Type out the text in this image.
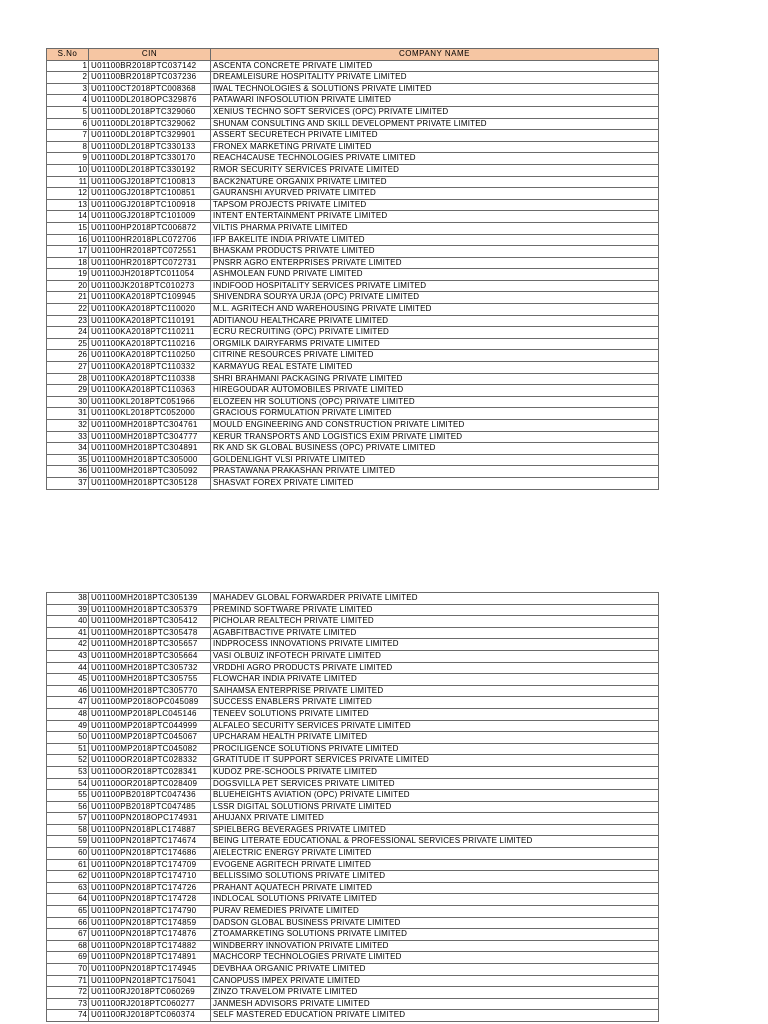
S.No	CIN	COMPANY NAME
1	U01100BR2018PTC037142	ASCENTA CONCRETE PRIVATE LIMITED
2	U01100BR2018PTC037236	DREAMLEISURE HOSPITALITY PRIVATE LIMITED
3	U01100CT2018PTC008368	IWAL TECHNOLOGIES & SOLUTIONS PRIVATE LIMITED
4	U01100DL2018OPC329876	PATAWARI INFOSOLUTION PRIVATE LIMITED
5	U01100DL2018PTC329060	XENIUS TECHNO SOFT SERVICES (OPC) PRIVATE LIMITED
6	U01100DL2018PTC329062	SHUNAM CONSULTING AND SKILL DEVELOPMENT PRIVATE LIMITED
7	U01100DL2018PTC329901	ASSERT SECURETECH PRIVATE LIMITED
8	U01100DL2018PTC330133	FRONEX MARKETING PRIVATE LIMITED
9	U01100DL2018PTC330170	REACH4CAUSE TECHNOLOGIES PRIVATE LIMITED
10	U01100DL2018PTC330192	RMOR SECURITY SERVICES PRIVATE LIMITED
11	U01100GJ2018PTC100813	BACK2NATURE ORGANIX PRIVATE LIMITED
12	U01100GJ2018PTC100851	GAURANSHI AYURVED PRIVATE LIMITED
13	U01100GJ2018PTC100918	TAPSOM PROJECTS PRIVATE LIMITED
14	U01100GJ2018PTC101009	INTENT ENTERTAINMENT PRIVATE LIMITED
15	U01100HP2018PTC006872	VILTIS PHARMA PRIVATE LIMITED
16	U01100HR2018PLC072706	IFP BAKELITE INDIA PRIVATE LIMITED
17	U01100HR2018PTC072551	BHASKAM PRODUCTS PRIVATE LIMITED
18	U01100HR2018PTC072731	PNSRR AGRO ENTERPRISES PRIVATE LIMITED
19	U01100JH2018PTC011054	ASHMOLEAN FUND PRIVATE LIMITED
20	U01100JK2018PTC010273	INDIFOOD HOSPITALITY SERVICES PRIVATE LIMITED
21	U01100KA2018PTC109945	SHIVENDRA SOURYA URJA (OPC) PRIVATE LIMITED
22	U01100KA2018PTC110020	M.L. AGRITECH AND WAREHOUSING PRIVATE LIMITED
23	U01100KA2018PTC110191	ADITIANOU HEALTHCARE PRIVATE LIMITED
24	U01100KA2018PTC110211	ECRU RECRUITING (OPC) PRIVATE LIMITED
25	U01100KA2018PTC110216	ORGMILK DAIRYFARMS PRIVATE LIMITED
26	U01100KA2018PTC110250	CITRINE RESOURCES PRIVATE LIMITED
27	U01100KA2018PTC110332	KARMAYUG REAL ESTATE LIMITED
28	U01100KA2018PTC110338	SHRI BRAHMANI PACKAGING PRIVATE LIMITED
29	U01100KA2018PTC110363	HIREGOUDAR AUTOMOBILES PRIVATE LIMITED
30	U01100KL2018PTC051966	ELOZEEN HR SOLUTIONS (OPC) PRIVATE LIMITED
31	U01100KL2018PTC052000	GRACIOUS FORMULATION PRIVATE LIMITED
32	U01100MH2018PTC304761	MOULD ENGINEERING AND CONSTRUCTION PRIVATE LIMITED
33	U01100MH2018PTC304777	KERUR TRANSPORTS AND LOGISTICS EXIM PRIVATE LIMITED
34	U01100MH2018PTC304891	RK AND SK GLOBAL BUSINESS (OPC) PRIVATE LIMITED
35	U01100MH2018PTC305000	GOLDENLIGHT VLSI PRIVATE LIMITED
36	U01100MH2018PTC305092	PRASTAWANA PRAKASHAN PRIVATE LIMITED
37	U01100MH2018PTC305128	SHASVAT FOREX PRIVATE LIMITED
38	U01100MH2018PTC305139	MAHADEV GLOBAL FORWARDER PRIVATE LIMITED
39	U01100MH2018PTC305379	PREMIND SOFTWARE PRIVATE LIMITED
40	U01100MH2018PTC305412	PICHOLAR REALTECH PRIVATE LIMITED
41	U01100MH2018PTC305478	AGABFITBACTIVE PRIVATE LIMITED
42	U01100MH2018PTC305657	INDPROCESS INNOVATIONS PRIVATE LIMITED
43	U01100MH2018PTC305664	VASI OLBUIZ INFOTECH PRIVATE LIMITED
44	U01100MH2018PTC305732	VRDDHI AGRO PRODUCTS PRIVATE LIMITED
45	U01100MH2018PTC305755	FLOWCHAR INDIA PRIVATE LIMITED
46	U01100MH2018PTC305770	SAIHAMSA ENTERPRISE PRIVATE LIMITED
47	U01100MP2018OPC045089	SUCCESS ENABLERS PRIVATE LIMITED
48	U01100MP2018PLC045146	TENEEV SOLUTIONS PRIVATE LIMITED
49	U01100MP2018PTC044999	ALFALEO SECURITY SERVICES PRIVATE LIMITED
50	U01100MP2018PTC045067	UPCHARAM HEALTH PRIVATE LIMITED
51	U01100MP2018PTC045082	PROCILIGENCE SOLUTIONS PRIVATE LIMITED
52	U01100OR2018PTC028332	GRATITUDE IT SUPPORT SERVICES PRIVATE LIMITED
53	U01100OR2018PTC028341	KUDOZ PRE-SCHOOLS PRIVATE LIMITED
54	U01100OR2018PTC028409	DOGSVILLA PET SERVICES PRIVATE LIMITED
55	U01100PB2018PTC047436	BLUEHEIGHTS AVIATION (OPC) PRIVATE LIMITED
56	U01100PB2018PTC047485	LSSR DIGITAL SOLUTIONS PRIVATE LIMITED
57	U01100PN2018OPC174931	AHUJANX PRIVATE LIMITED
58	U01100PN2018PLC174887	SPIELBERG BEVERAGES PRIVATE LIMITED
59	U01100PN2018PTC174674	BEING LITERATE EDUCATIONAL & PROFESSIONAL SERVICES PRIVATE LIMITED
60	U01100PN2018PTC174686	AIELECTRIC ENERGY PRIVATE LIMITED
61	U01100PN2018PTC174709	EVOGENE AGRITECH PRIVATE LIMITED
62	U01100PN2018PTC174710	BELLISSIMO SOLUTIONS PRIVATE LIMITED
63	U01100PN2018PTC174726	PRAHANT AQUATECH PRIVATE LIMITED
64	U01100PN2018PTC174728	INDLOCAL SOLUTIONS PRIVATE LIMITED
65	U01100PN2018PTC174790	PURAV REMEDIES PRIVATE LIMITED
66	U01100PN2018PTC174859	DADSON GLOBAL BUSINESS PRIVATE LIMITED
67	U01100PN2018PTC174876	ZTOAMARKETING SOLUTIONS PRIVATE LIMITED
68	U01100PN2018PTC174882	WINDBERRY INNOVATION PRIVATE LIMITED
69	U01100PN2018PTC174891	MACHCORP TECHNOLOGIES PRIVATE LIMITED
70	U01100PN2018PTC174945	DEVBHAA ORGANIC PRIVATE LIMITED
71	U01100PN2018PTC175041	CANOPUSS IMPEX PRIVATE LIMITED
72	U01100RJ2018PTC060269	ZINZO TRAVELOM PRIVATE LIMITED
73	U01100RJ2018PTC060277	JANMESH ADVISORS PRIVATE LIMITED
74	U01100RJ2018PTC060374	SELF MASTERED EDUCATION PRIVATE LIMITED
